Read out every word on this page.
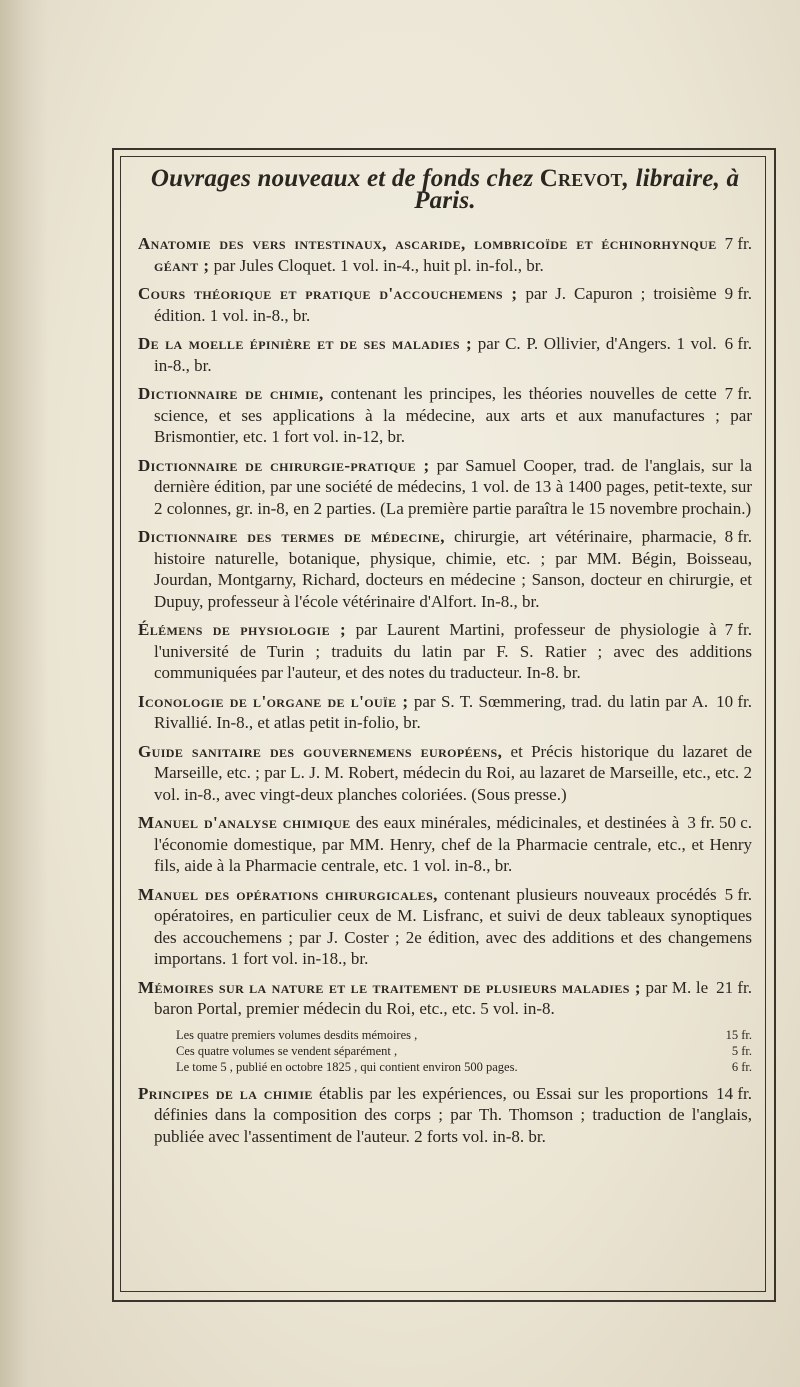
Ouvrages nouveaux et de fonds chez Crevot, libraire, à Paris.
7 fr.
Anatomie des vers intestinaux, ascaride, lombricoïde et échinorhynque géant ; par Jules Cloquet. 1 vol. in-4., huit pl. in-fol., br.
9 fr.
Cours théorique et pratique d'accouchemens ; par J. Capuron ; troisième édition. 1 vol. in-8., br.
6 fr.
De la moelle épinière et de ses maladies ; par C. P. Ollivier, d'Angers. 1 vol. in-8., br.
7 fr.
Dictionnaire de chimie, contenant les principes, les théories nouvelles de cette science, et ses applications à la médecine, aux arts et aux manufactures ; par Brismontier, etc. 1 fort vol. in-12, br.
Dictionnaire de chirurgie-pratique ; par Samuel Cooper, trad. de l'anglais, sur la dernière édition, par une société de médecins, 1 vol. de 13 à 1400 pages, petit-texte, sur 2 colonnes, gr. in-8, en 2 parties. (La première partie paraîtra le 15 novembre prochain.)
8 fr.
Dictionnaire des termes de médecine, chirurgie, art vétérinaire, pharmacie, histoire naturelle, botanique, physique, chimie, etc. ; par MM. Bégin, Boisseau, Jourdan, Montgarny, Richard, docteurs en médecine ; Sanson, docteur en chirurgie, et Dupuy, professeur à l'école vétérinaire d'Alfort. In-8., br.
7 fr.
Élémens de physiologie ; par Laurent Martini, professeur de physiologie à l'université de Turin ; traduits du latin par F. S. Ratier ; avec des additions communiquées par l'auteur, et des notes du traducteur. In-8. br.
10 fr.
Iconologie de l'organe de l'ouïe ; par S. T. Sœmmering, trad. du latin par A. Rivallié. In-8., et atlas petit in-folio, br.
Guide sanitaire des gouvernemens européens, et Précis historique du lazaret de Marseille, etc. ; par L. J. M. Robert, médecin du Roi, au lazaret de Marseille, etc., etc. 2 vol. in-8., avec vingt-deux planches coloriées. (Sous presse.)
3 fr. 50 c.
Manuel d'analyse chimique des eaux minérales, médicinales, et destinées à l'économie domestique, par MM. Henry, chef de la Pharmacie centrale, etc., et Henry fils, aide à la Pharmacie centrale, etc. 1 vol. in-8., br.
5 fr.
Manuel des opérations chirurgicales, contenant plusieurs nouveaux procédés opératoires, en particulier ceux de M. Lisfranc, et suivi de deux tableaux synoptiques des accouchemens ; par J. Coster ; 2e édition, avec des additions et des changemens importans. 1 fort vol. in-18., br.
21 fr.
Mémoires sur la nature et le traitement de plusieurs maladies ; par M. le baron Portal, premier médecin du Roi, etc., etc. 5 vol. in-8.
15 fr.
Les quatre premiers volumes desdits mémoires ,
5 fr.
Ces quatre volumes se vendent séparément ,
6 fr.
Le tome 5 , publié en octobre 1825 , qui contient environ 500 pages.
14 fr.
Principes de la chimie établis par les expériences, ou Essai sur les proportions définies dans la composition des corps ; par Th. Thomson ; traduction de l'anglais, publiée avec l'assentiment de l'auteur. 2 forts vol. in-8. br.
